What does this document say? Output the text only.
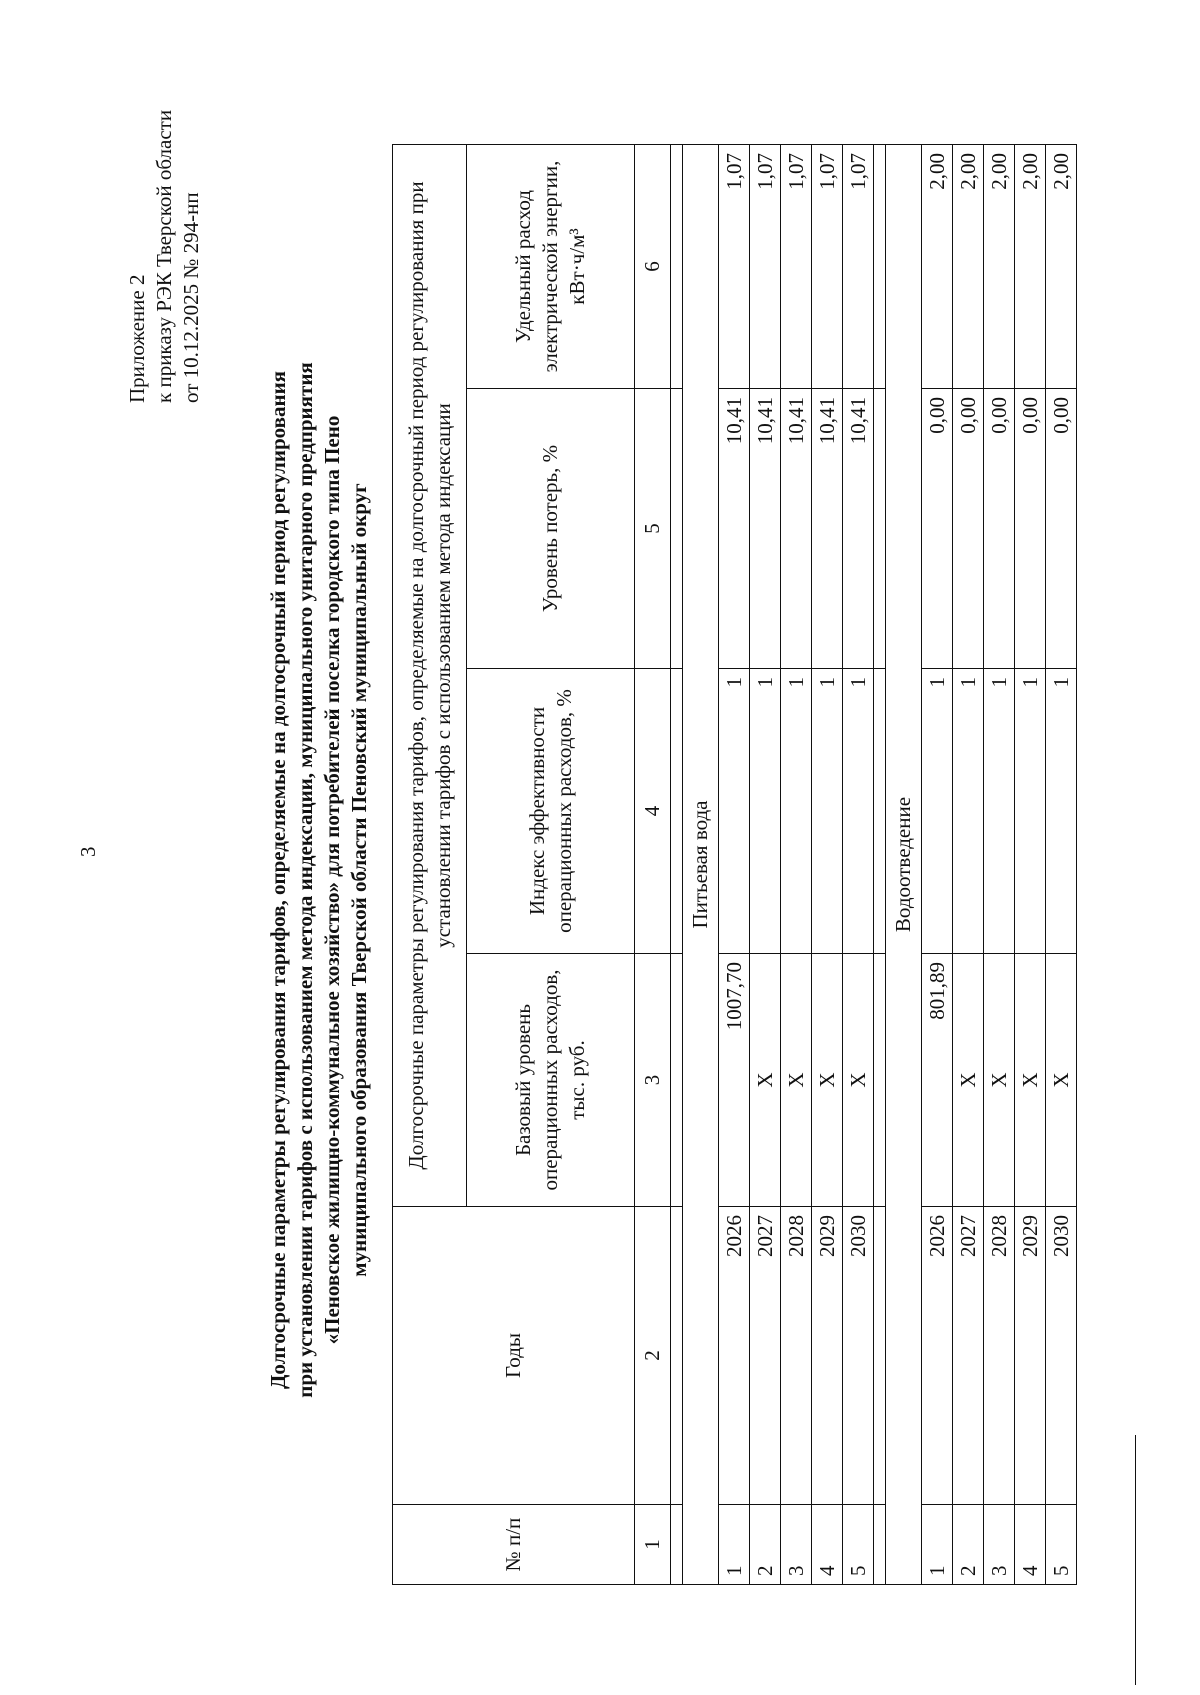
3
Приложение 2 к приказу РЭК Тверской области от 10.12.2025 № 294-нп
Долгосрочные параметры регулирования тарифов, определяемые на долгосрочный период регулирования при установлении тарифов с использованием метода индексации, муниципального унитарного предприятия «Пеновское жилищно-коммунальное хозяйство» для потребителей поселка городского типа Пено муниципального образования Тверской области Пеновский муниципальный округ
№ п/п	Годы	Долгосрочные параметры регулирования тарифов, определяемые на долгосрочный период регулирования при установлении тарифов с использованием метода индексации			
		Базовый уровень операционных расходов, тыс. руб.	Индекс эффективности операционных расходов, %	Уровень потерь, %	Удельный расход электрической энергии, кВт·ч/м³
1	2	3	4	5	6

Питьевая вода					
1	2026	1007,70	1	10,41	1,07
2	2027	Х	1	10,41	1,07
3	2028	Х	1	10,41	1,07
4	2029	Х	1	10,41	1,07
5	2030	Х	1	10,41	1,07

Водоотведение					
1	2026	801,89	1	0,00	2,00
2	2027	Х	1	0,00	2,00
3	2028	Х	1	0,00	2,00
4	2029	Х	1	0,00	2,00
5	2030	Х	1	0,00	2,00
